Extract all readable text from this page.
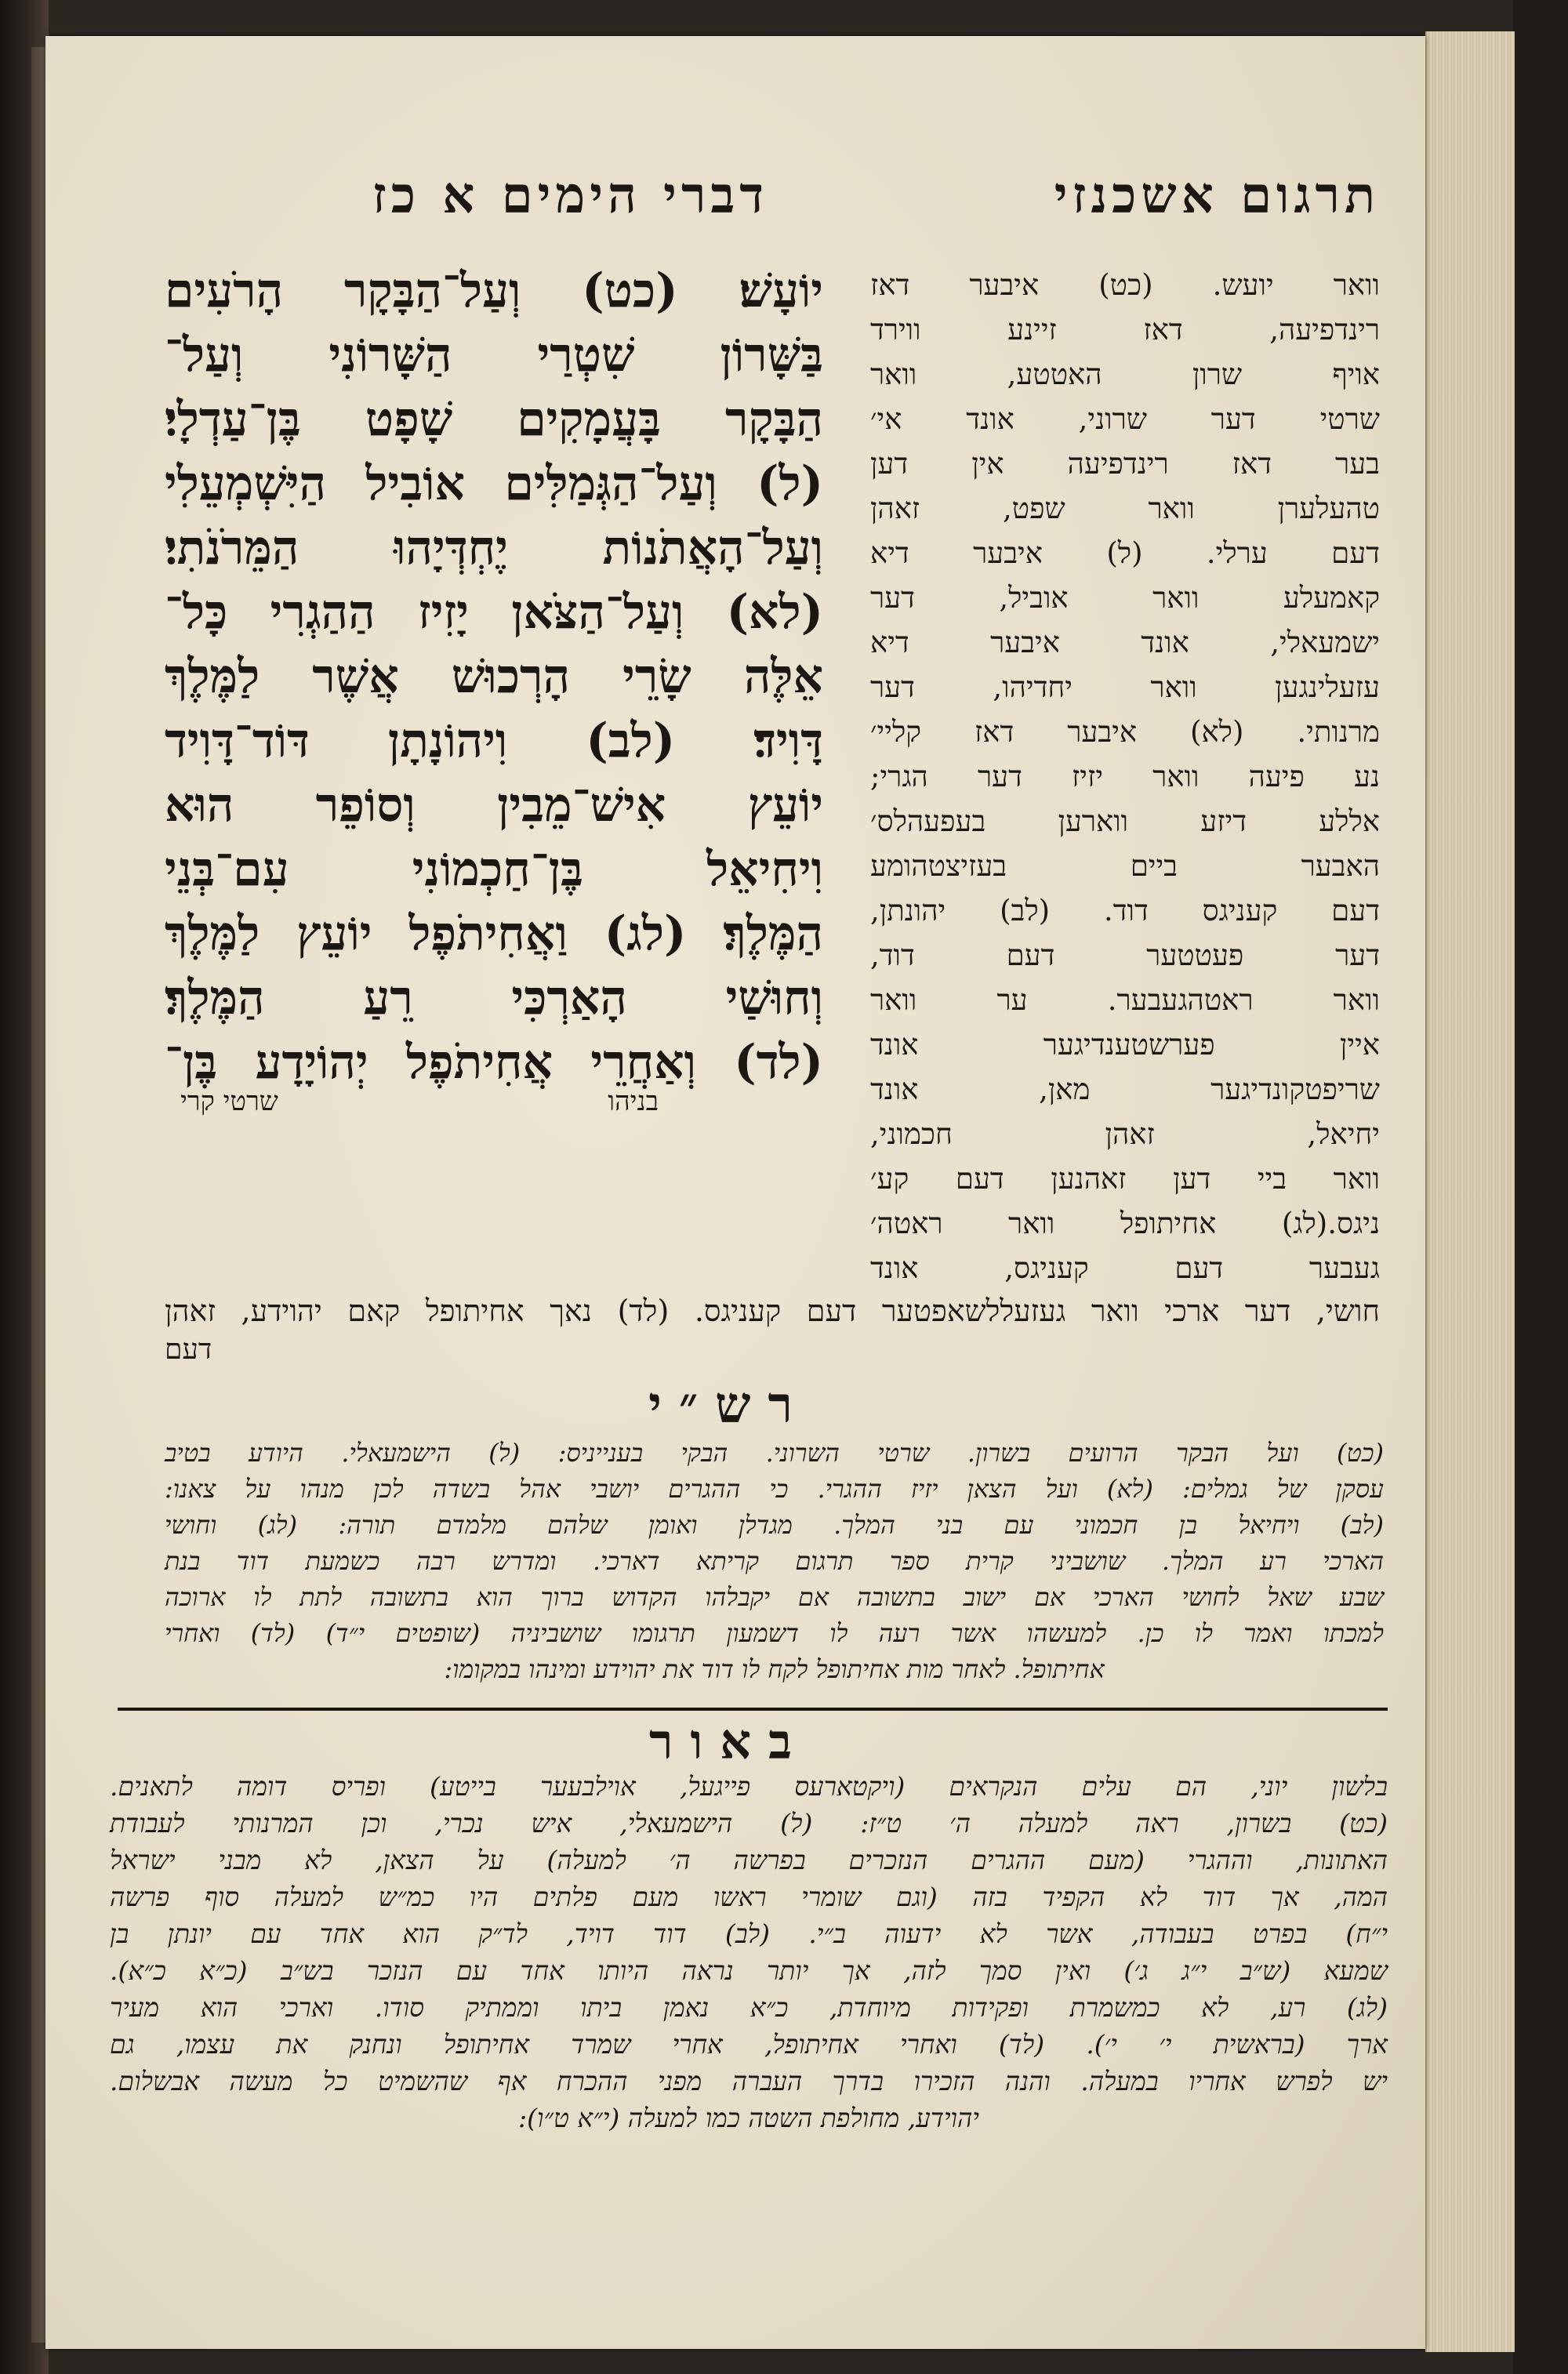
תרגום אשכנזי
דברי הימים א כז
יוֹעָשׁ׃ (כט) וְעַל־הַבָּקָר הָרֹעִים
בַּשָּׁרוֹן שִׁטְרַי הַשָּׁרוֹנִי וְעַל־
הַבָּקָר בָּעֲמָקִים שָׁפָט בֶּן־עַדְלָי׃
(ל) וְעַל־הַגְּמַלִּים אוֹבִיל הַיִּשְׁמְעֵלִי
וְעַל־הָאֲתֹנוֹת יֶחְדְּיָהוּ הַמֵּרֹנֹתִי׃
(לא) וְעַל־הַצֹּאן יָזִיז הַהַגְרִי כָּל־
אֵלֶּה שָׂרֵי הָרְכוּשׁ אֲשֶׁר לַמֶּלֶךְ
דָּוִיד׃ (לב) וִיהוֹנָתָן דּוֹד־דָּוִיד
יוֹעֵץ אִישׁ־מֵבִין וְסוֹפֵר הוּא
וִיחִיאֵל בֶּן־חַכְמוֹנִי עִם־בְּנֵי
הַמֶּלֶךְ׃ (לג) וַאֲחִיתֹפֶל יוֹעֵץ לַמֶּלֶךְ
וְחוּשַׁי הָאַרְכִּי רֵעַ הַמֶּלֶךְ׃
(לד) וְאַחֲרֵי אֲחִיתֹפֶל יְהוֹיָדָע בֶּן־
בניהו
שרטי קרי
וואר יועש. (כט) איבער דאז
רינדפיעה, דאז זיינע ווירד
אויף שרון האטטע, וואר
שרטי דער שרוני, אונד אי׳
בער דאז רינדפיעה אין דען
טהעלערן וואר שפט, זאהן
דעם ערלי. (ל) איבער דיא
קאמעלע וואר אוביל, דער
ישמעאלי, אונד איבער דיא
עזעלינגען וואר יחדיהו, דער
מרנותי. (לא) איבער דאז קליי׳
נע פיעה וואר יזיז דער הגרי;
אללע דיזע ווארען בעפעהלס׳
האבער ביים בעזיצטהומע
דעם קעניגס דוד. (לב) יהונתן,
דער פעטטער דעם דוד,
וואר ראטהגעבער. ער וואר
איין פערשטענדיגער אונד
שריפטקונדיגער מאן, אונד
יחיאל, זאהן חכמוני,
וואר ביי דען זאהנען דעם קע׳
ניגס.(לג) אחיתופל וואר ראטה׳
געבער דעם קעניגס, אונד
חושי, דער ארכי וואר געזעללשאפטער דעם קעניגס. (לד) נאך אחיתופל קאם יהוידע, זאהן
דעם
רש״י
(כט) ועל הבקר הרועים בשרון. שרטי השרוני. הבקי בענייניס: (ל) הישמעאלי. היודע בטיב
עסקן של גמלים: (לא) ועל הצאן יזיז ההגרי. כי ההגרים יושבי אהל בשדה לכן מנהו על צאנו:
(לב) ויחיאל בן חכמוני עם בני המלך. מגדלן ואומן שלהם מלמדם תורה: (לג) וחושי
הארכי רע המלך. שושביני קרית ספר תרגום קריתא דארכי. ומדרש רבה כשמעת דוד בנת
שבע שאל לחושי הארכי אם ישוב בתשובה אם יקבלהו הקדוש ברוך הוא בתשובה לתת לו ארוכה
למכתו ואמר לו כן. למעשהו אשר רעה לו דשמעון תרגומו שושביניה (שופטים י״ד) (לד) ואחרי
אחיתופל. לאחר מות אחיתופל לקח לו דוד את יהוידע ומינהו במקומו:
באור
בלשון יוני, הם עלים הנקראים (ויקטארעס פייגעל, אוילבעער בייטע) ופריס דומה לתאנים.
(כט) בשרון, ראה למעלה ה׳ ט״ז: (ל) הישמעאלי, איש נכרי, וכן המרנותי לעבודת
האתונות, וההגרי (מעם ההגרים הנזכרים בפרשה ה׳ למעלה) על הצאן, לא מבני ישראל
המה, אך דוד לא הקפיד בזה (וגם שומרי ראשו מעם פלתים היו כמ״ש למעלה סוף פרשה
י״ח) בפרט בעבודה, אשר לא ידעוה ב״י. (לב) דוד דויד, לד״ק הוא אחד עם יונתן בן
שמעא (ש״ב י״ג ג׳) ואין סמך לזה, אך יותר נראה היותו אחד עם הנזכר בש״ב (כ״א כ״א).
(לג) רע, לא כמשמרת ופקידות מיוחדת, כ״א נאמן ביתו וממתיק סודו. וארכי הוא מעיר
ארך (בראשית י׳ י׳). (לד) ואחרי אחיתופל, אחרי שמרד אחיתופל ונחנק את עצמו, גם
יש לפרש אחריו במעלה. והנה הזכירו בדרך העברה מפני ההכרח אף שהשמיט כל מעשה אבשלום.
יהוידע, מחולפת השטה כמו למעלה (י״א ט״ו):
